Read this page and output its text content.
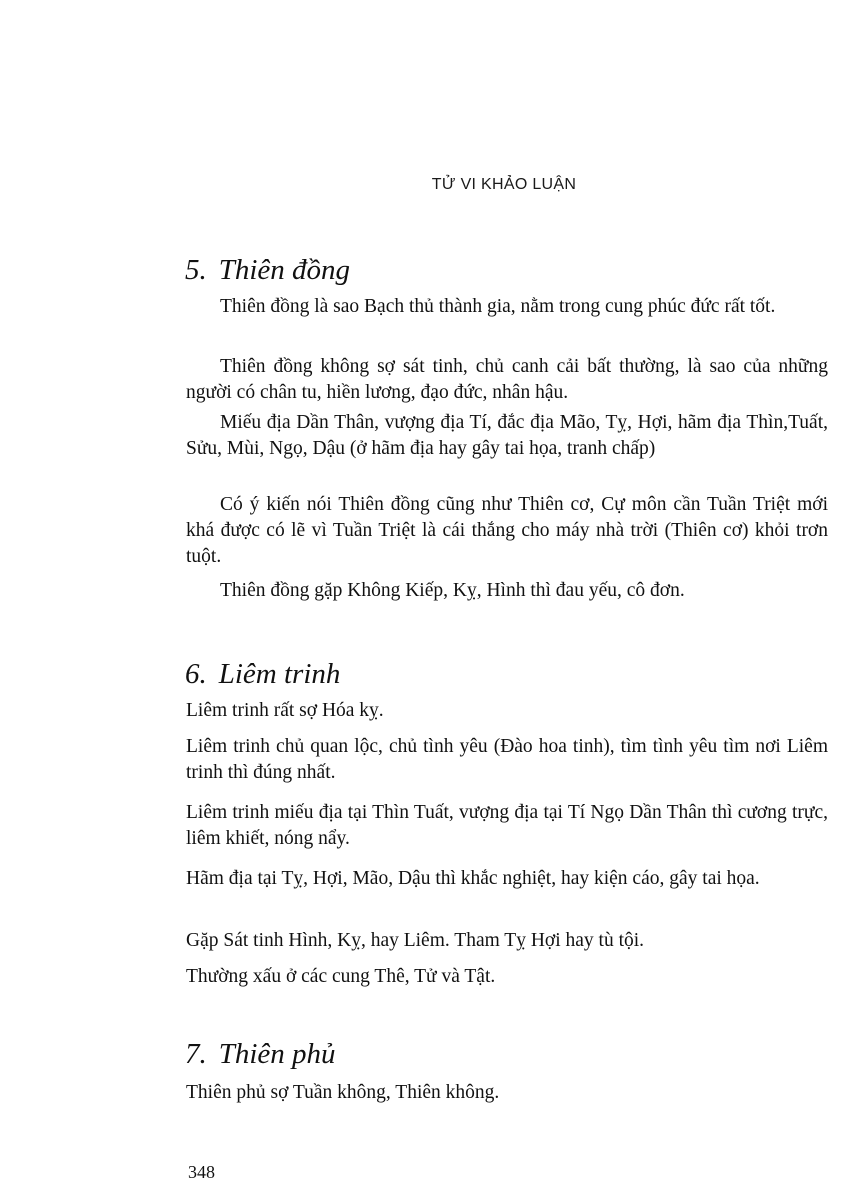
TỬ VI KHẢO LUẬN
5. Thiên đồng

Thiên đồng là sao Bạch thủ thành gia, nằm trong cung phúc đức rất tốt.

Thiên đồng không sợ sát tinh, chủ canh cải bất thường, là sao của những người có chân tu, hiền lương, đạo đức, nhân hậu.

Miếu địa Dần Thân, vượng địa Tí, đắc địa Mão, Tỵ, Hợi, hãm địa Thìn,Tuất, Sửu, Mùi, Ngọ, Dậu (ở hãm địa hay gây tai họa, tranh chấp)

Có ý kiến nói Thiên đồng cũng như Thiên cơ, Cự môn cần Tuần Triệt mới khá được có lẽ vì Tuần Triệt là cái thắng cho máy nhà trời (Thiên cơ) khỏi trơn tuột.

Thiên đồng gặp Không Kiếp, Kỵ, Hình thì đau yếu, cô đơn.

6. Liêm trinh

Liêm trinh rất sợ Hóa kỵ.

Liêm trinh chủ quan lộc, chủ tình yêu (Đào hoa tinh), tìm tình yêu tìm nơi Liêm trinh thì đúng nhất.

Liêm trinh miếu địa tại Thìn Tuất, vượng địa tại Tí Ngọ Dần Thân thì cương trực, liêm khiết, nóng nẩy.

Hãm địa tại Tỵ, Hợi, Mão, Dậu thì khắc nghiệt, hay kiện cáo, gây tai họa.

Gặp Sát tinh Hình, Kỵ, hay Liêm. Tham Tỵ Hợi hay tù tội.

Thường xấu ở các cung Thê, Tử và Tật.

7. Thiên phủ

Thiên phủ sợ Tuần không, Thiên không.

348
